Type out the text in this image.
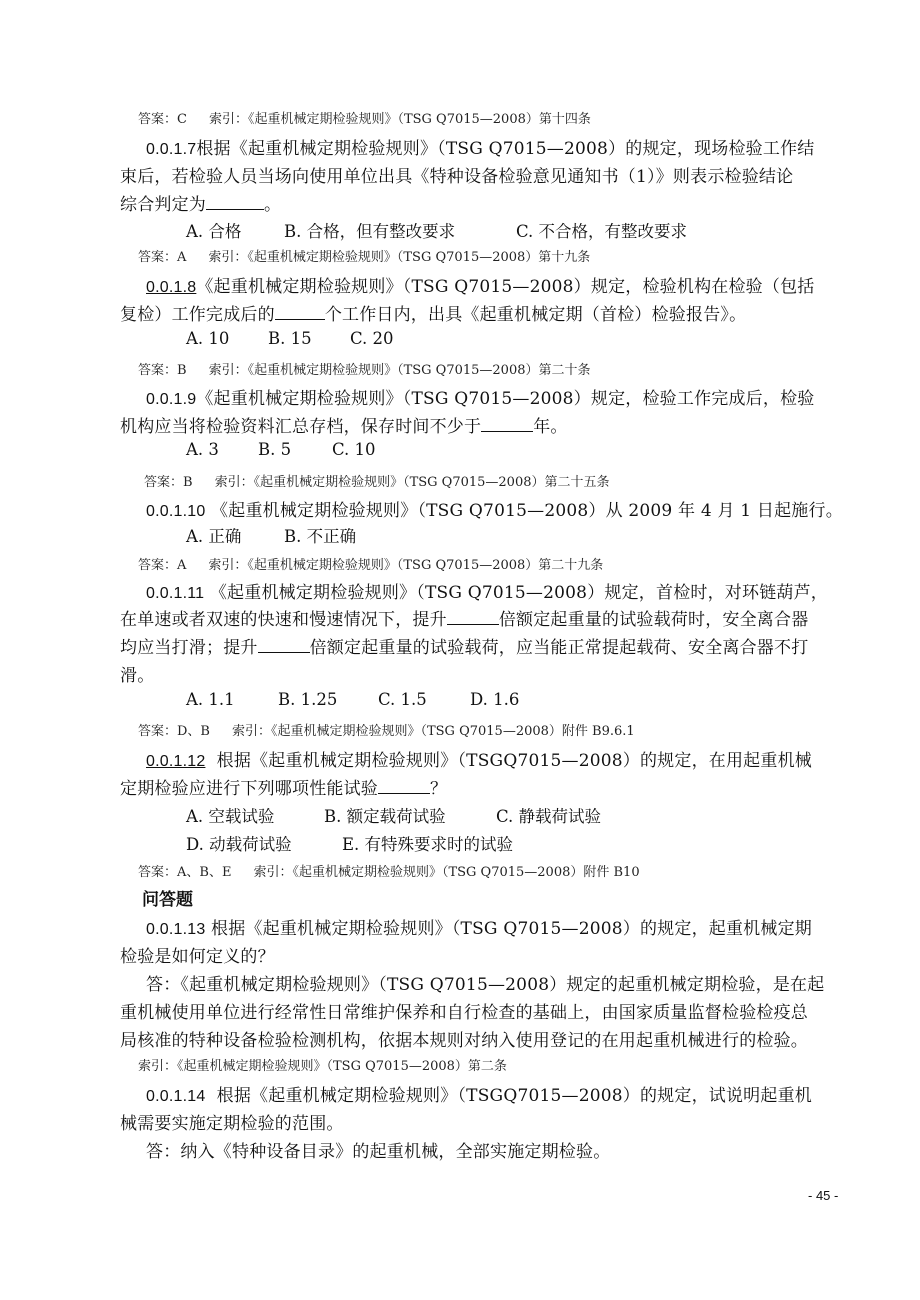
答案：C 索引：《起重机械定期检验规则》（TSG Q7015—2008）第十四条
0.0.1.7根据《起重机械定期检验规则》（TSG Q7015—2008）的规定，现场检验工作结
束后，若检验人员当场向使用单位出具《特种设备检验意见通知书（1）》则表示检验结论
综合判定为	。
A. 合格	B. 合格，但有整改要求	C. 不合格，有整改要求
答案：A 索引：《起重机械定期检验规则》（TSG Q7015—2008）第十九条
0.0.1.8《起重机械定期检验规则》（TSG Q7015—2008）规定，检验机构在检验（包括
复检）工作完成后的	个工作日内，出具《起重机械定期（首检）检验报告》。
A. 10 B. 15 C. 20
答案：B 索引：《起重机械定期检验规则》（TSG Q7015—2008）第二十条
0.0.1.9《起重机械定期检验规则》（TSG Q7015—2008）规定，检验工作完成后，检验
机构应当将检验资料汇总存档，保存时间不少于	年。
A. 3 B. 5 C. 10
答案：B 索引：《起重机械定期检验规则》（TSG Q7015—2008）第二十五条
0.0.1.10 《起重机械定期检验规则》（TSG Q7015—2008）从 2009 年 4 月 1 日起施行。
A. 正确	B. 不正确
答案：A 索引：《起重机械定期检验规则》（TSG Q7015—2008）第二十九条
0.0.1.11 《起重机械定期检验规则》（TSG Q7015—2008）规定，首检时，对环链葫芦，
在单速或者双速的快速和慢速情况下，提升	倍额定起重量的试验载荷时，安全离合器
均应当打滑；提升	倍额定起重量的试验载荷，应当能正常提起载荷、安全离合器不打
滑。
A. 1.1	B. 1.25 C. 1.5	D. 1.6
答案：D、B 索引：《起重机械定期检验规则》（TSG Q7015—2008）附件 B9.6.1
0.0.1.12 根据《起重机械定期检验规则》（TSGQ7015—2008）的规定，在用起重机械
定期检验应进行下列哪项性能试验	？
A. 空载试验	B. 额定载荷试验	C. 静载荷试验
D. 动载荷试验	E. 有特殊要求时的试验
答案：A、B、E 索引：《起重机械定期检验规则》（TSG Q7015—2008）附件 B10
问答题
0.0.1.13 根据《起重机械定期检验规则》（TSG Q7015—2008）的规定，起重机械定期
检验是如何定义的？
答：《起重机械定期检验规则》（TSG Q7015—2008）规定的起重机械定期检验，是在起
重机械使用单位进行经常性日常维护保养和自行检查的基础上，由国家质量监督检验检疫总
局核准的特种设备检验检测机构，依据本规则对纳入使用登记的在用起重机械进行的检验。
索引：《起重机械定期检验规则》（TSG Q7015—2008）第二条
0.0.1.14 根据《起重机械定期检验规则》（TSGQ7015—2008）的规定，试说明起重机
械需要实施定期检验的范围。
答：纳入《特种设备目录》的起重机械，全部实施定期检验。
- 45 -
